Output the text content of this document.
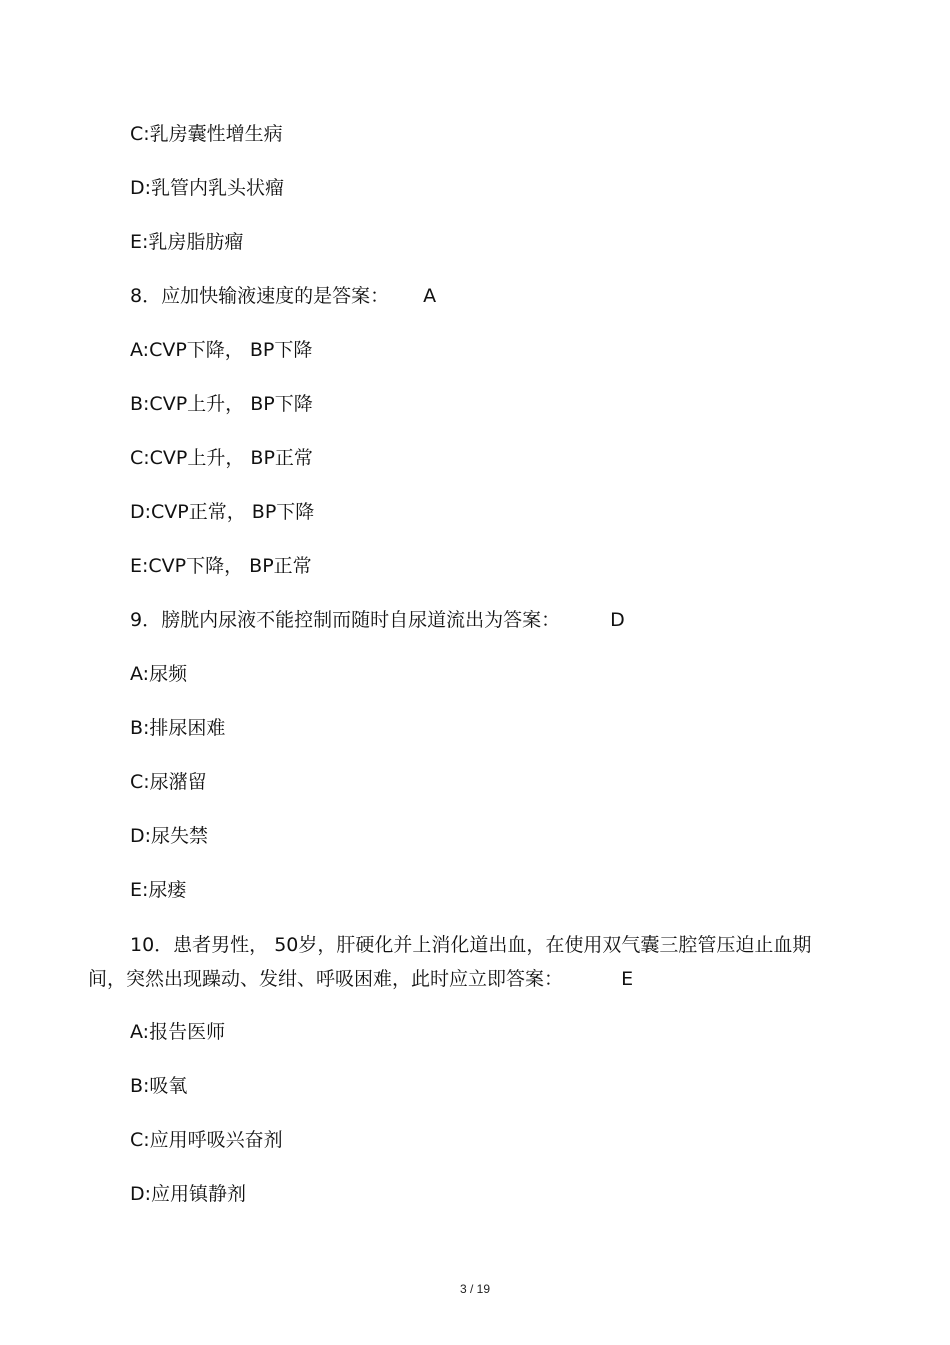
C:乳房囊性增生病
D:乳管内乳头状瘤
E:乳房脂肪瘤
8．应加快输液速度的是答案： A
A:CVP下降， BP下降
B:CVP上升， BP下降
C:CVP上升， BP正常
D:CVP正常， BP下降
E:CVP下降， BP正常
9．膀胱内尿液不能控制而随时自尿道流出为答案：	D
A:尿频
B:排尿困难
C:尿潴留
D:尿失禁
E:尿瘘
10．患者男性， 50岁，肝硬化并上消化道出血，在使用双气囊三腔管压迫止血期间，突然出现躁动、发绀、呼吸困难，此时应立即答案：	E
A:报告医师
B:吸氧
C:应用呼吸兴奋剂
D:应用镇静剂
3 / 19
